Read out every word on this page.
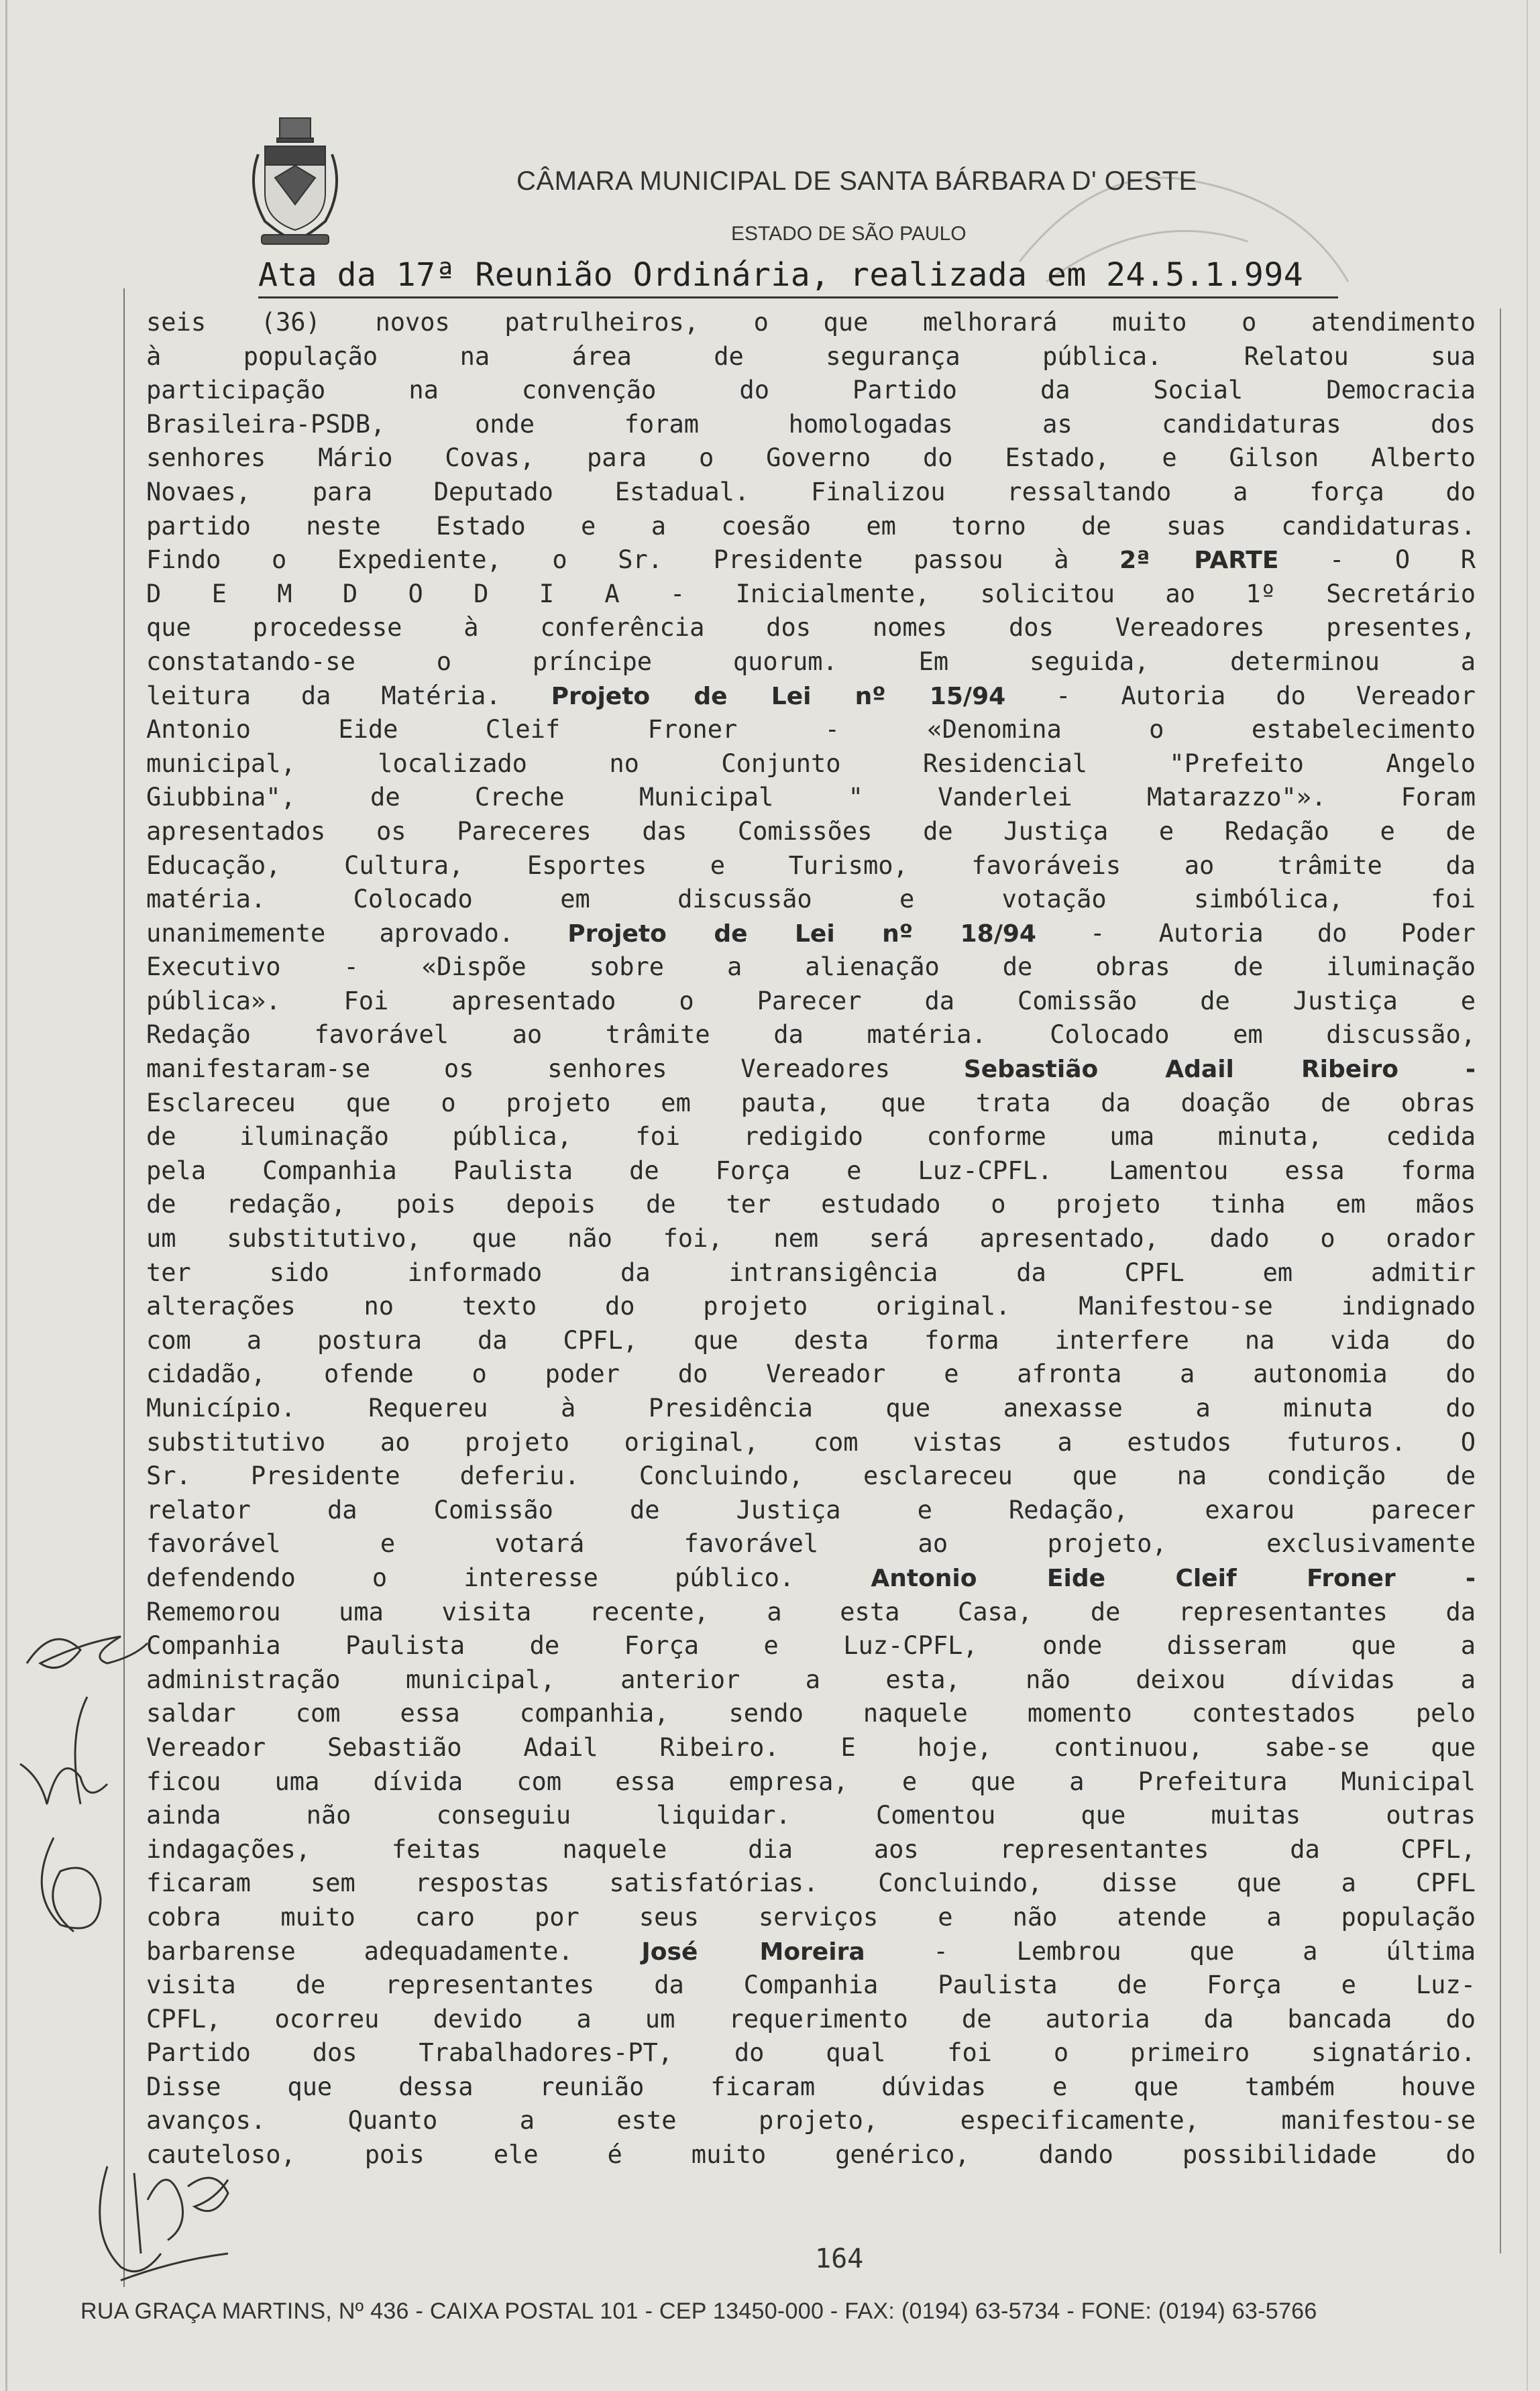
CÂMARA MUNICIPAL DE SANTA BÁRBARA D' OESTE
ESTADO DE SÃO PAULO
Ata da 17ª Reunião Ordinária, realizada em 24.5.1.994
seis (36) novos patrulheiros, o que melhorará muito o atendimento
à população na área de segurança pública. Relatou sua
participação na convenção do Partido da Social Democracia
Brasileira-PSDB, onde foram homologadas as candidaturas dos
senhores Mário Covas, para o Governo do Estado, e Gilson Alberto
Novaes, para Deputado Estadual. Finalizou ressaltando a força do
partido neste Estado e a coesão em torno de suas candidaturas.
Findo o Expediente, o Sr. Presidente passou à 2ª PARTE - O R
D E M D O D I A - Inicialmente, solicitou ao 1º Secretário
que procedesse à conferência dos nomes dos Vereadores presentes,
constatando-se o príncipe quorum. Em seguida, determinou a
leitura da Matéria. Projeto de Lei nº 15/94 - Autoria do Vereador
Antonio Eide Cleif Froner - «Denomina o estabelecimento
municipal, localizado no Conjunto Residencial "Prefeito Angelo
Giubbina", de Creche Municipal " Vanderlei Matarazzo"». Foram
apresentados os Pareceres das Comissões de Justiça e Redação e de
Educação, Cultura, Esportes e Turismo, favoráveis ao trâmite da
matéria. Colocado em discussão e votação simbólica, foi
unanimemente aprovado. Projeto de Lei nº 18/94 - Autoria do Poder
Executivo - «Dispõe sobre a alienação de obras de iluminação
pública». Foi apresentado o Parecer da Comissão de Justiça e
Redação favorável ao trâmite da matéria. Colocado em discussão,
manifestaram-se os senhores Vereadores Sebastião Adail Ribeiro -
Esclareceu que o projeto em pauta, que trata da doação de obras
de iluminação pública, foi redigido conforme uma minuta, cedida
pela Companhia Paulista de Força e Luz-CPFL. Lamentou essa forma
de redação, pois depois de ter estudado o projeto tinha em mãos
um substitutivo, que não foi, nem será apresentado, dado o orador
ter sido informado da intransigência da CPFL em admitir
alterações no texto do projeto original. Manifestou-se indignado
com a postura da CPFL, que desta forma interfere na vida do
cidadão, ofende o poder do Vereador e afronta a autonomia do
Município. Requereu à Presidência que anexasse a minuta do
substitutivo ao projeto original, com vistas a estudos futuros. O
Sr. Presidente deferiu. Concluindo, esclareceu que na condição de
relator da Comissão de Justiça e Redação, exarou parecer
favorável e votará favorável ao projeto, exclusivamente
defendendo o interesse público. Antonio Eide Cleif Froner -
Rememorou uma visita recente, a esta Casa, de representantes da
Companhia Paulista de Força e Luz-CPFL, onde disseram que a
administração municipal, anterior a esta, não deixou dívidas a
saldar com essa companhia, sendo naquele momento contestados pelo
Vereador Sebastião Adail Ribeiro. E hoje, continuou, sabe-se que
ficou uma dívida com essa empresa, e que a Prefeitura Municipal
ainda não conseguiu liquidar. Comentou que muitas outras
indagações, feitas naquele dia aos representantes da CPFL,
ficaram sem respostas satisfatórias. Concluindo, disse que a CPFL
cobra muito caro por seus serviços e não atende a população
barbarense adequadamente. José Moreira - Lembrou que a última
visita de representantes da Companhia Paulista de Força e Luz-
CPFL, ocorreu devido a um requerimento de autoria da bancada do
Partido dos Trabalhadores-PT, do qual foi o primeiro signatário.
Disse que dessa reunião ficaram dúvidas e que também houve
avanços. Quanto a este projeto, especificamente, manifestou-se
cauteloso, pois ele é muito genérico, dando possibilidade do
164
RUA GRAÇA MARTINS, Nº 436 - CAIXA POSTAL 101 - CEP 13450-000 - FAX: (0194) 63-5734 - FONE: (0194) 63-5766
